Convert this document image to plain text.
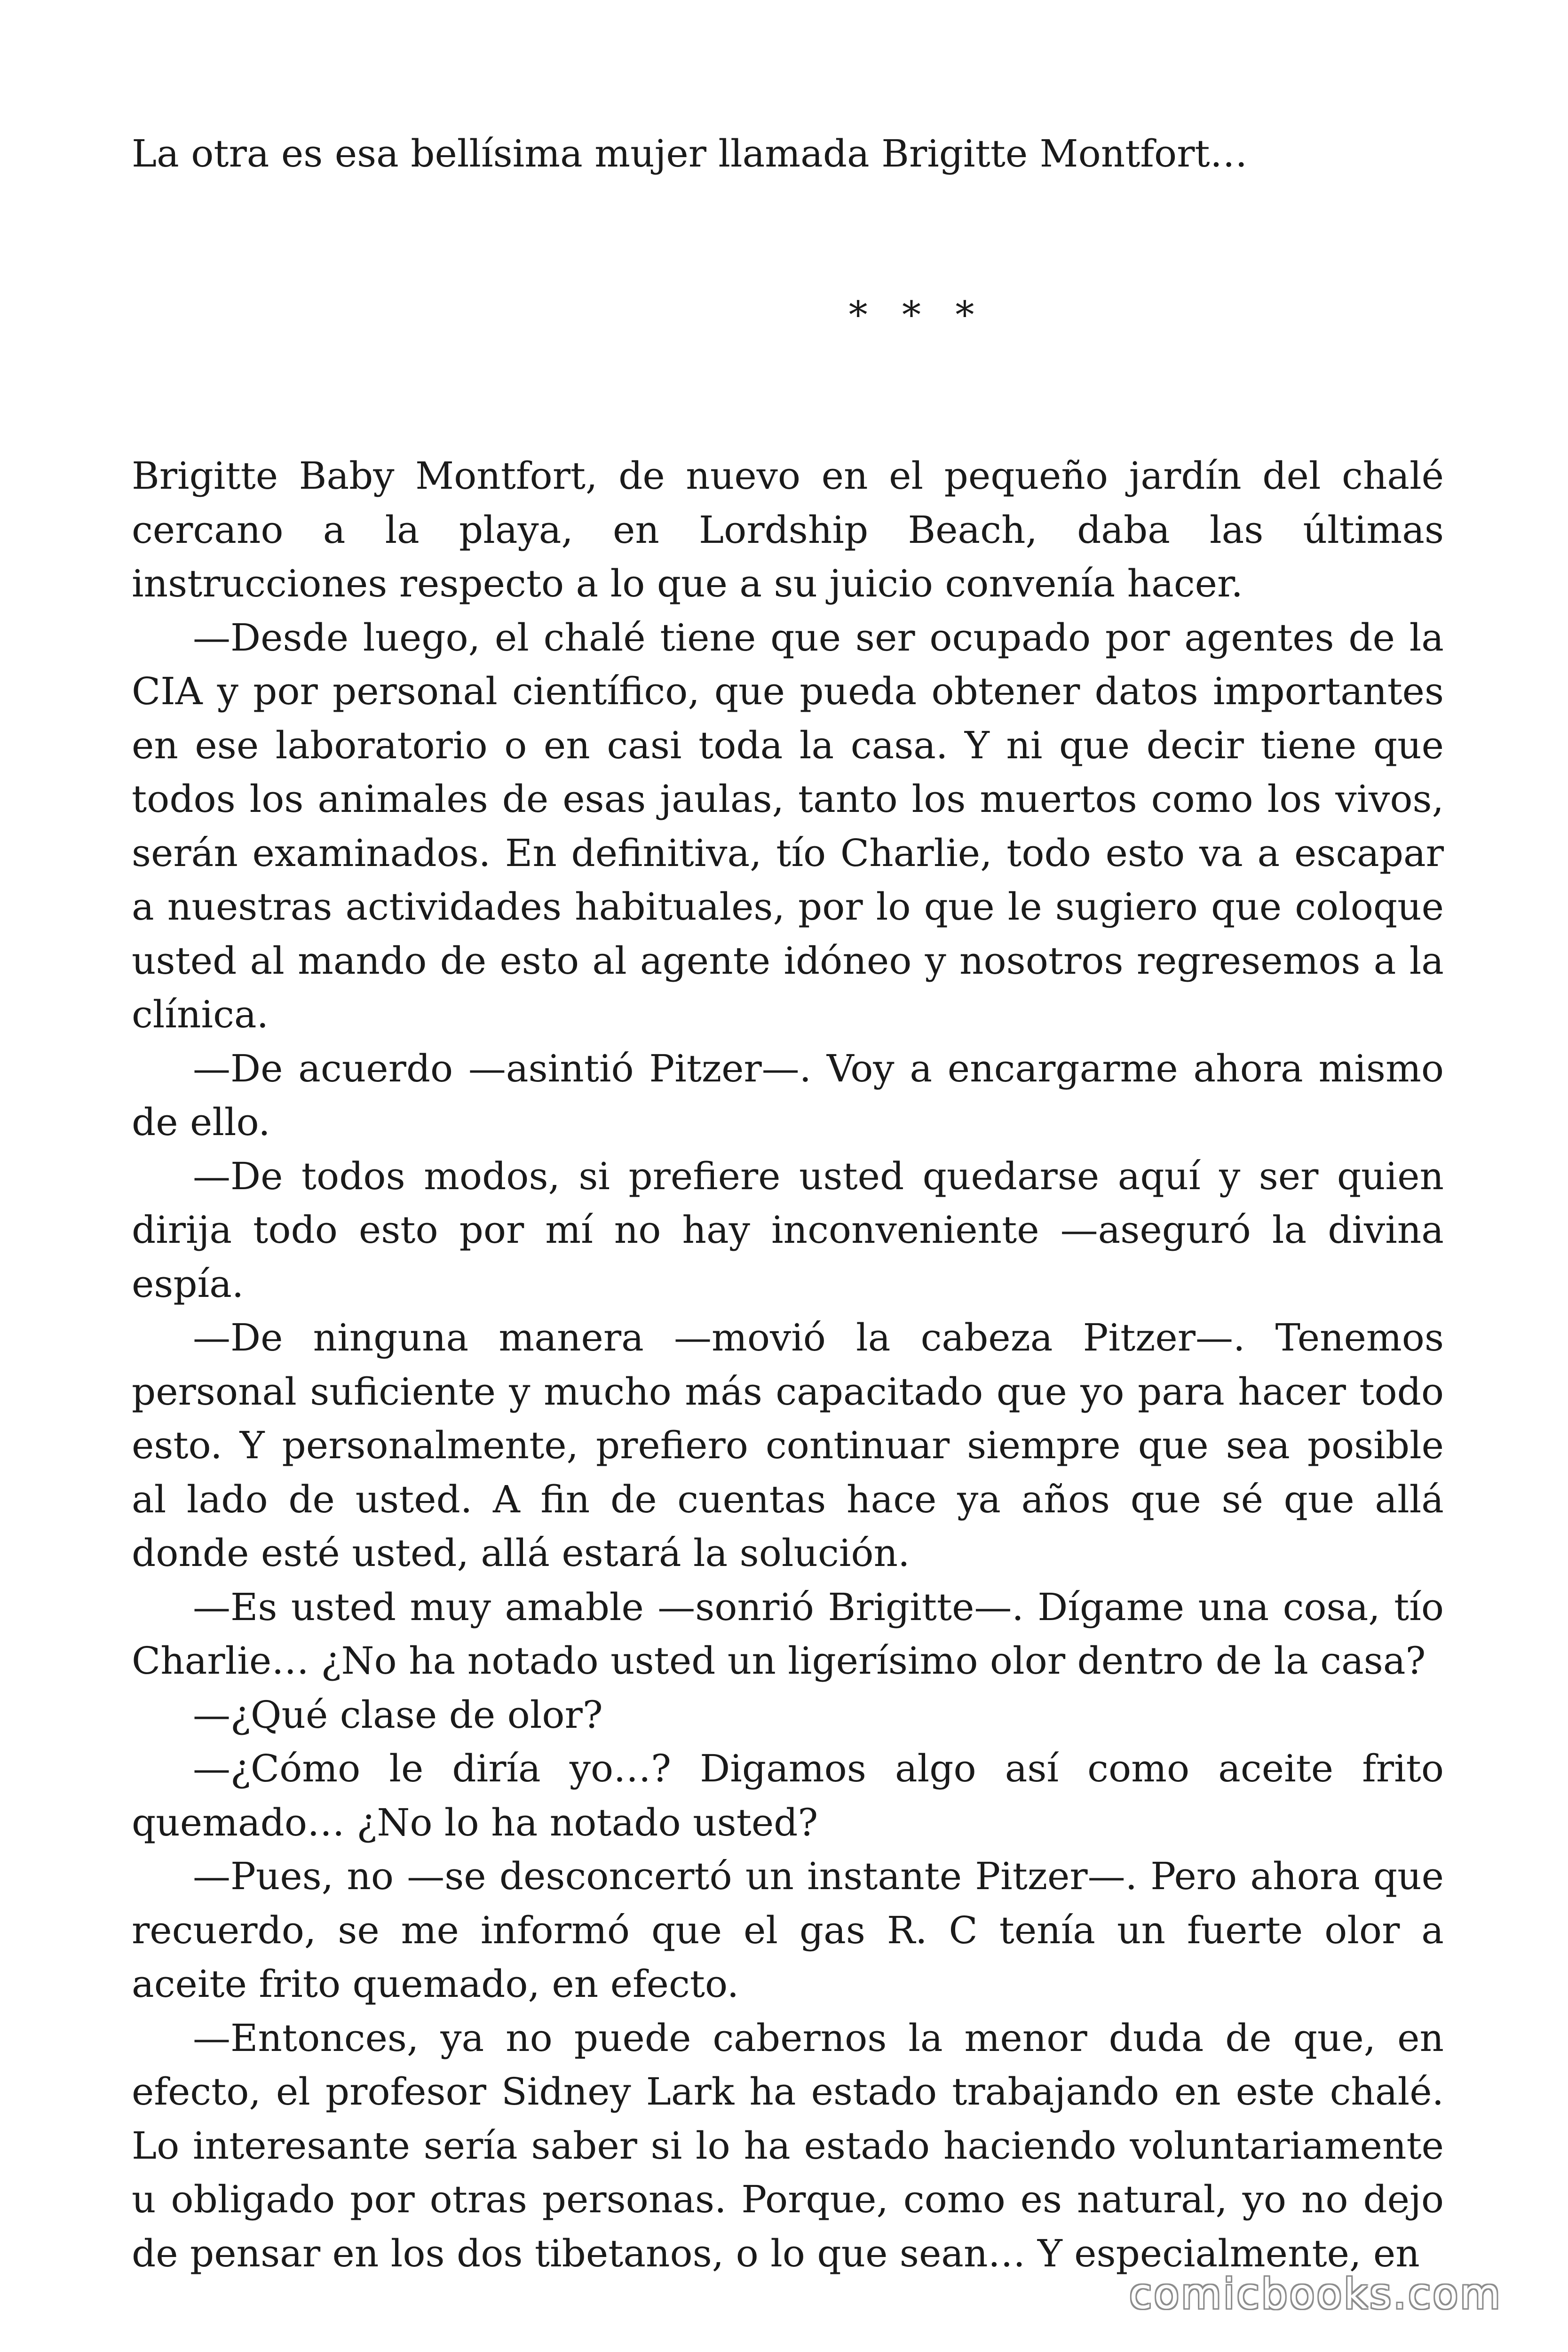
La otra es esa bellísima mujer llamada Brigitte Montfort…

* * *

Brigitte Baby Montfort, de nuevo en el pequeño jardín del chalé cercano a la playa, en Lordship Beach, daba las últimas instrucciones respecto a lo que a su juicio convenía hacer.

—Desde luego, el chalé tiene que ser ocupado por agentes de la CIA y por personal científico, que pueda obtener datos importantes en ese laboratorio o en casi toda la casa. Y ni que decir tiene que todos los animales de esas jaulas, tanto los muertos como los vivos, serán examinados. En definitiva, tío Charlie, todo esto va a escapar a nuestras actividades habituales, por lo que le sugiero que coloque usted al mando de esto al agente idóneo y nosotros regresemos a la clínica.

—De acuerdo —asintió Pitzer—. Voy a encargarme ahora mismo de ello.

—De todos modos, si prefiere usted quedarse aquí y ser quien dirija todo esto por mí no hay inconveniente —aseguró la divina espía.

—De ninguna manera —movió la cabeza Pitzer—. Tenemos personal suficiente y mucho más capacitado que yo para hacer todo esto. Y personalmente, prefiero continuar siempre que sea posible al lado de usted. A fin de cuentas hace ya años que sé que allá donde esté usted, allá estará la solución.

—Es usted muy amable —sonrió Brigitte—. Dígame una cosa, tío Charlie… ¿No ha notado usted un ligerísimo olor dentro de la casa?

—¿Qué clase de olor?

—¿Cómo le diría yo…? Digamos algo así como aceite frito quemado… ¿No lo ha notado usted?

—Pues, no —se desconcertó un instante Pitzer—. Pero ahora que recuerdo, se me informó que el gas R. C tenía un fuerte olor a aceite frito quemado, en efecto.

—Entonces, ya no puede cabernos la menor duda de que, en efecto, el profesor Sidney Lark ha estado trabajando en este chalé. Lo interesante sería saber si lo ha estado haciendo voluntariamente u obligado por otras personas. Porque, como es natural, yo no dejo de pensar en los dos tibetanos, o lo que sean… Y especialmente, en

comicbooks.com
